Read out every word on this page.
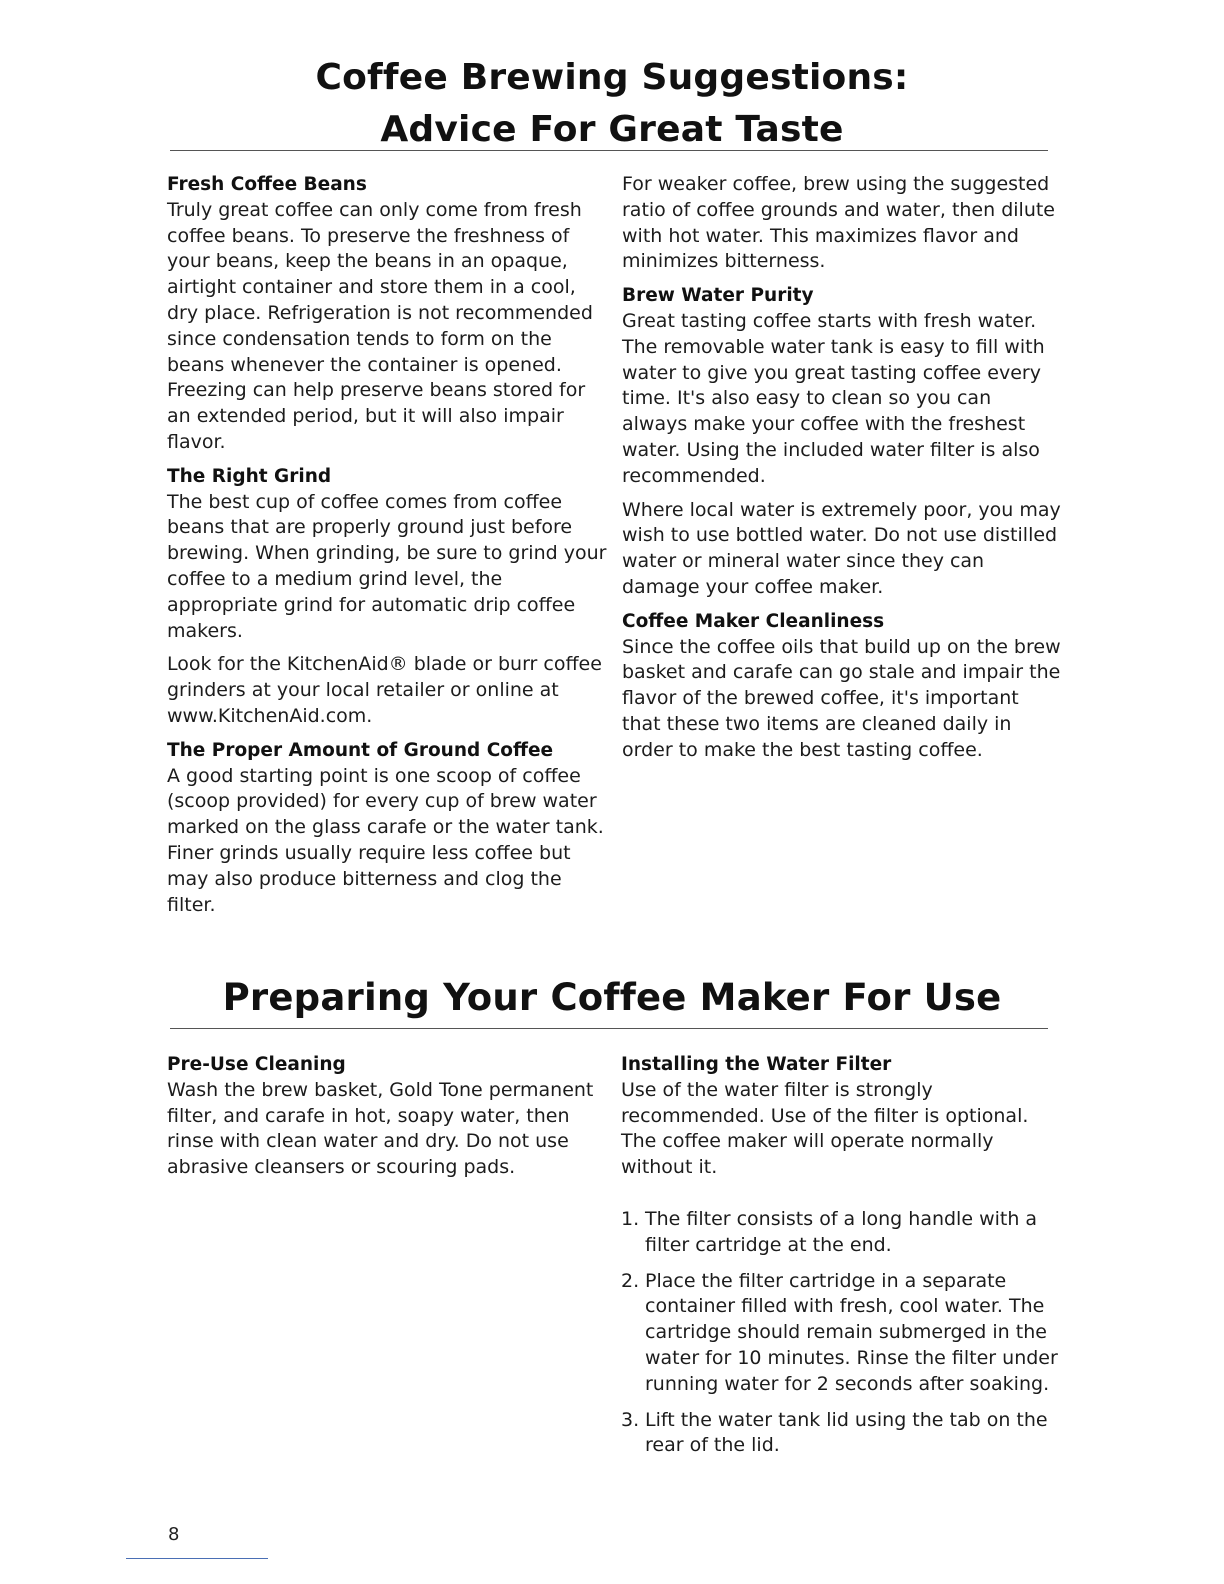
Coffee Brewing Suggestions:
Advice For Great Taste
Fresh Coffee Beans

Truly great coffee can only come from fresh coffee beans. To preserve the freshness of your beans, keep the beans in an opaque, airtight container and store them in a cool, dry place. Refrigeration is not recommended since condensation tends to form on the beans whenever the container is opened. Freezing can help preserve beans stored for an extended period, but it will also impair flavor.

The Right Grind

The best cup of coffee comes from coffee beans that are properly ground just before brewing. When grinding, be sure to grind your coffee to a medium grind level, the appropriate grind for automatic drip coffee makers.

Look for the KitchenAid® blade or burr coffee grinders at your local retailer or online at www.KitchenAid.com.

The Proper Amount of Ground Coffee

A good starting point is one scoop of coffee (scoop provided) for every cup of brew water marked on the glass carafe or the water tank. Finer grinds usually require less coffee but may also produce bitterness and clog the filter.

For weaker coffee, brew using the suggested ratio of coffee grounds and water, then dilute with hot water. This maximizes flavor and minimizes bitterness.

Brew Water Purity

Great tasting coffee starts with fresh water. The removable water tank is easy to fill with water to give you great tasting coffee every time. It's also easy to clean so you can always make your coffee with the freshest water. Using the included water filter is also recommended.

Where local water is extremely poor, you may wish to use bottled water. Do not use distilled water or mineral water since they can damage your coffee maker.

Coffee Maker Cleanliness

Since the coffee oils that build up on the brew basket and carafe can go stale and impair the flavor of the brewed coffee, it's important that these two items are cleaned daily in order to make the best tasting coffee.

Preparing Your Coffee Maker For Use
Pre-Use Cleaning

Wash the brew basket, Gold Tone permanent filter, and carafe in hot, soapy water, then rinse with clean water and dry. Do not use abrasive cleansers or scouring pads.

Installing the Water Filter

Use of the water filter is strongly recommended. Use of the filter is optional. The coffee maker will operate normally without it.

1. The filter consists of a long handle with a filter cartridge at the end.
2. Place the filter cartridge in a separate container filled with fresh, cool water. The cartridge should remain submerged in the water for 10 minutes. Rinse the filter under running water for 2 seconds after soaking.
3. Lift the water tank lid using the tab on the rear of the lid.
8
